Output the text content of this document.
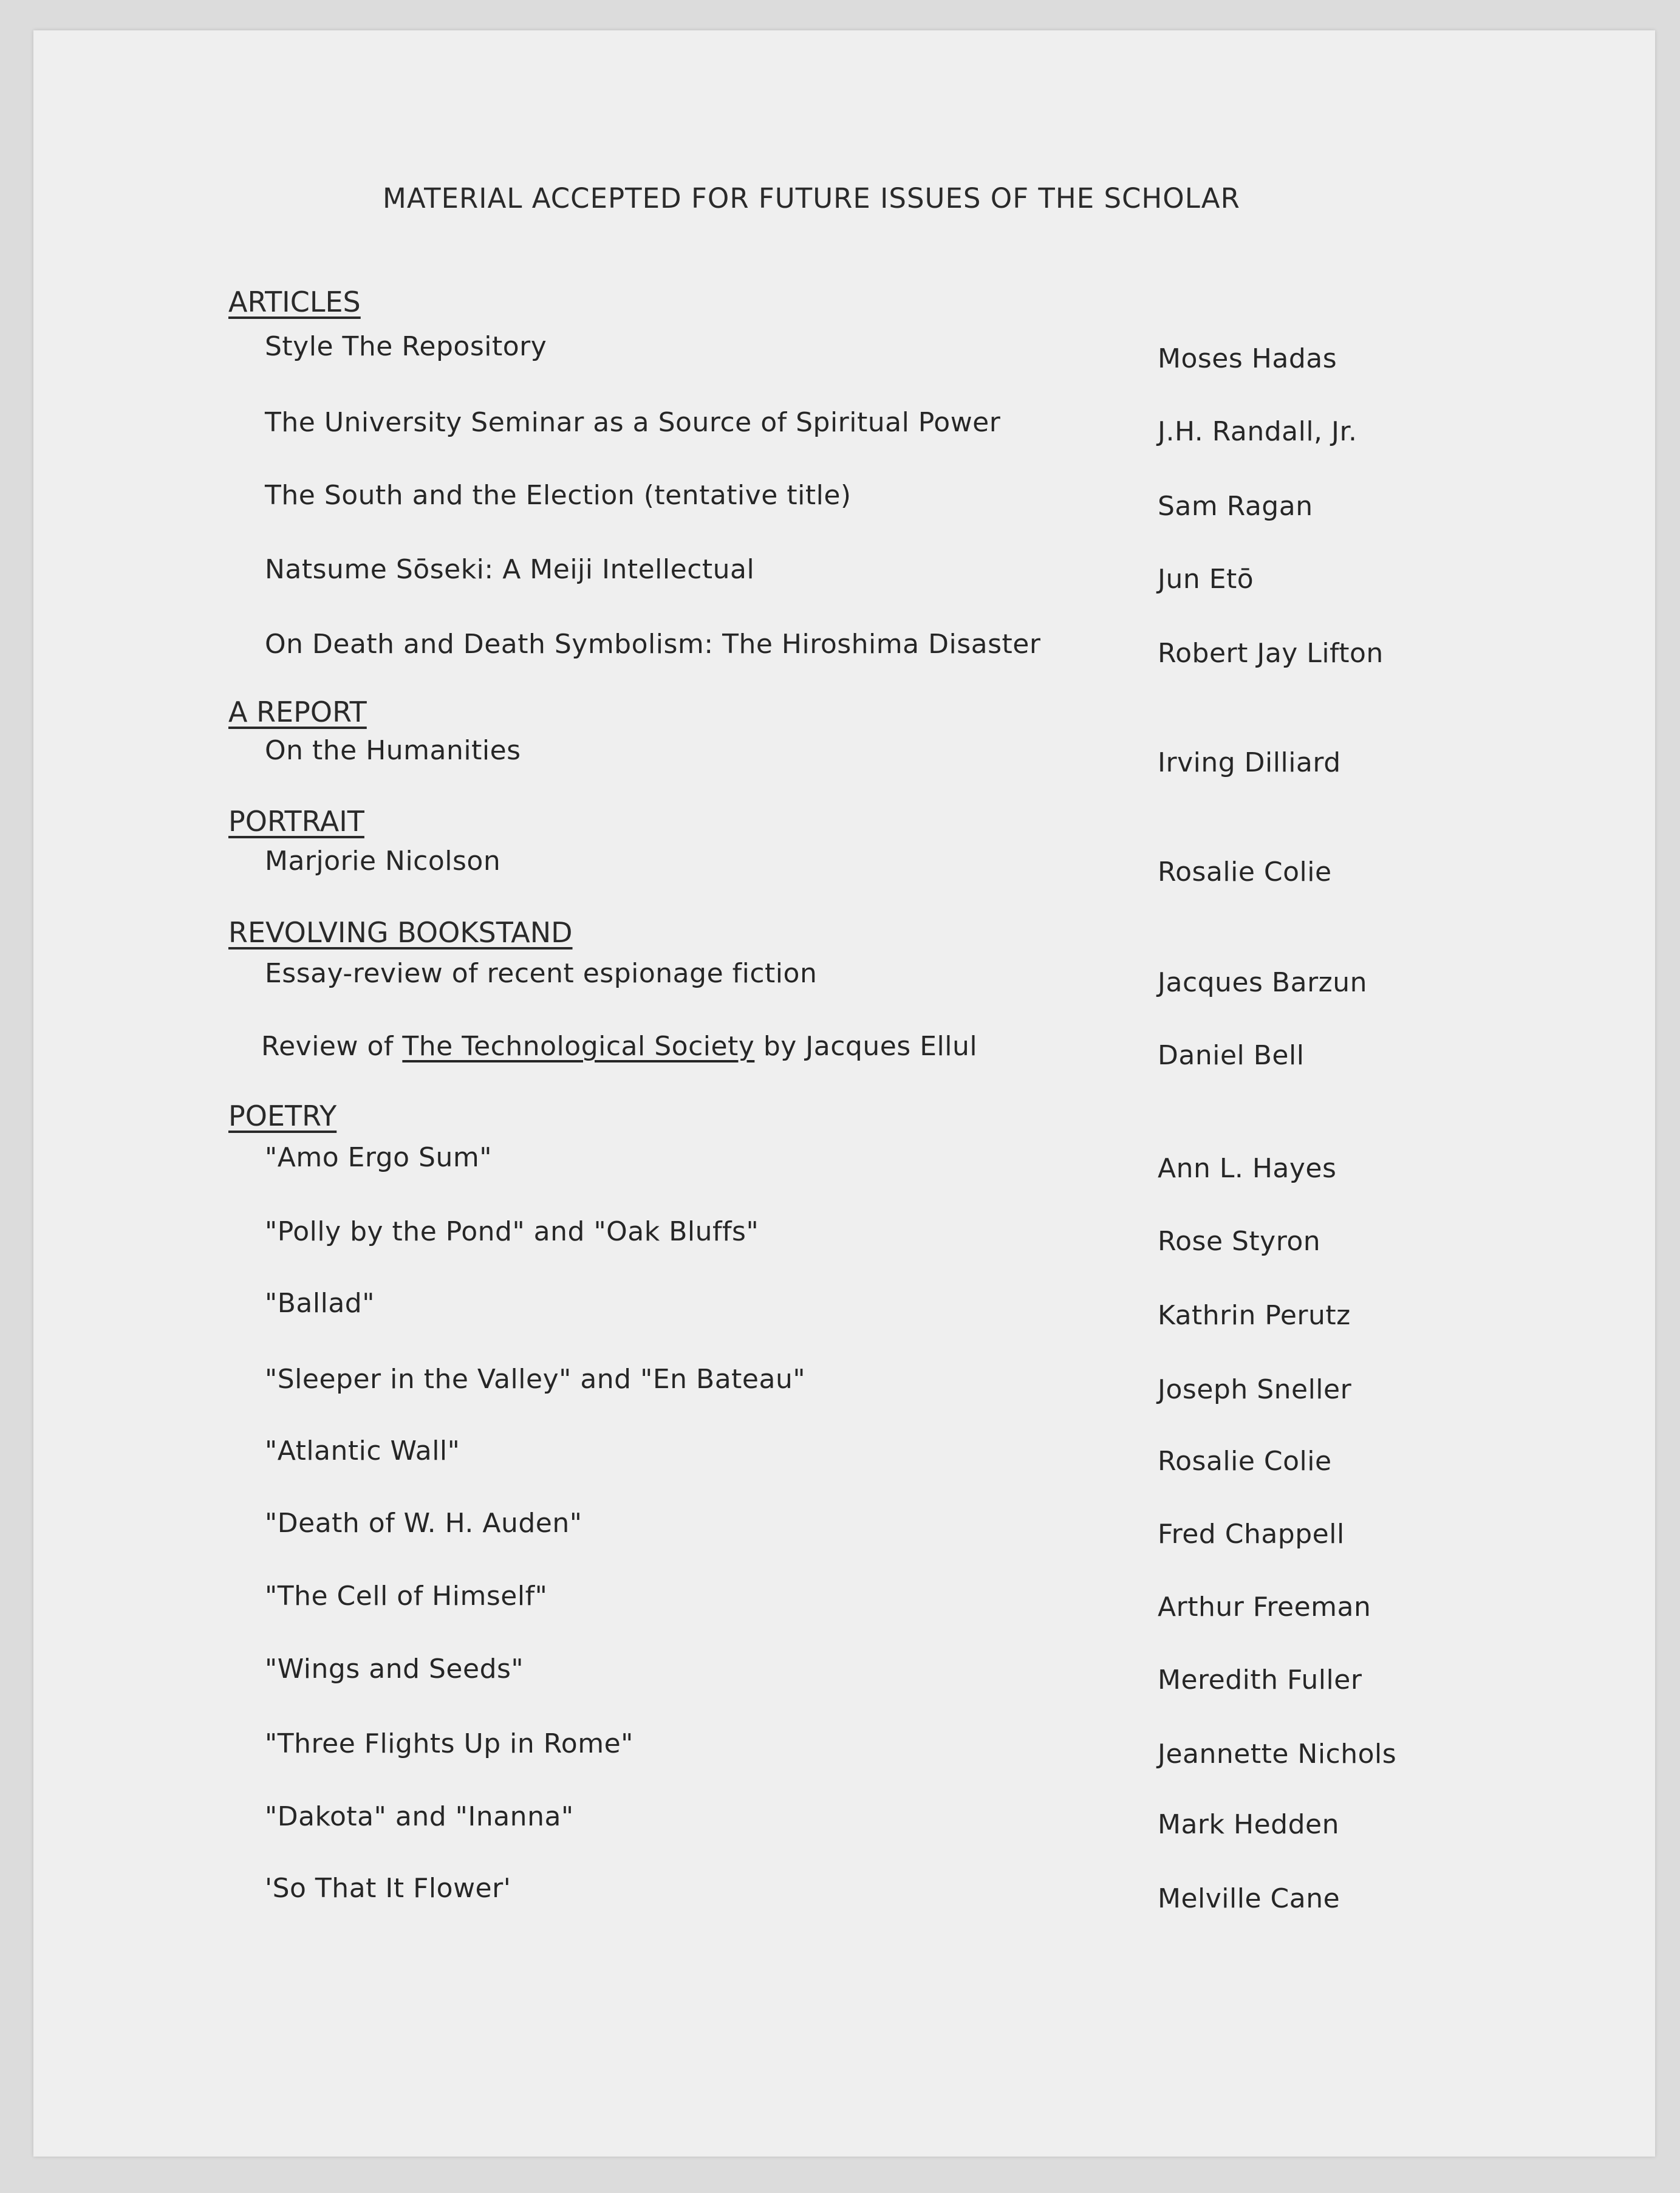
MATERIAL ACCEPTED FOR FUTURE ISSUES OF THE SCHOLAR
ARTICLES
Style The Repository	Moses Hadas
The University Seminar as a Source of Spiritual Power	J.H. Randall, Jr.
The South and the Election (tentative title)	Sam Ragan
Natsume Sōseki: A Meiji Intellectual	Jun Etō
On Death and Death Symbolism: The Hiroshima Disaster	Robert Jay Lifton
A REPORT
On the Humanities	Irving Dilliard
PORTRAIT
Marjorie Nicolson	Rosalie Colie
REVOLVING BOOKSTAND
Essay-review of recent espionage fiction	Jacques Barzun
Review of The Technological Society by Jacques Ellul	Daniel Bell
POETRY
"Amo Ergo Sum"	Ann L. Hayes
"Polly by the Pond" and "Oak Bluffs"	Rose Styron
"Ballad"	Kathrin Perutz
"Sleeper in the Valley" and "En Bateau"	Joseph Sneller
"Atlantic Wall"	Rosalie Colie
"Death of W. H. Auden"	Fred Chappell
"The Cell of Himself"	Arthur Freeman
"Wings and Seeds"	Meredith Fuller
"Three Flights Up in Rome"	Jeannette Nichols
"Dakota" and "Inanna"	Mark Hedden
'So That It Flower'	Melville Cane
